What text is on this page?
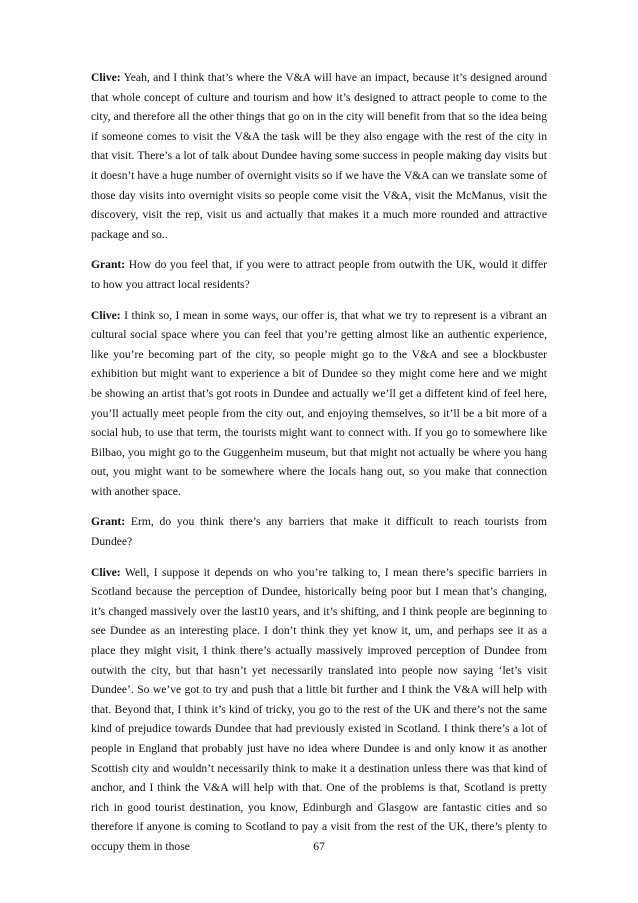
Clive: Yeah, and I think that’s where the V&A will have an impact, because it’s designed around that whole concept of culture and tourism and how it’s designed to attract people to come to the city, and therefore all the other things that go on in the city will benefit from that so the idea being if someone comes to visit the V&A the task will be they also engage with the rest of the city in that visit. There’s a lot of talk about Dundee having some success in people making day visits but it doesn’t have a huge number of overnight visits so if we have the V&A can we translate some of those day visits into overnight visits so people come visit the V&A, visit the McManus, visit the discovery, visit the rep, visit us and actually that makes it a much more rounded and attractive package and so..

Grant: How do you feel that, if you were to attract people from outwith the UK, would it differ to how you attract local residents?

Clive: I think so, I mean in some ways, our offer is, that what we try to represent is a vibrant an cultural social space where you can feel that you’re getting almost like an authentic experience, like you’re becoming part of the city, so people might go to the V&A and see a blockbuster exhibition but might want to experience a bit of Dundee so they might come here and we might be showing an artist that’s got roots in Dundee and actually we’ll get a diffetent kind of feel here, you’ll actually meet people from the city out, and enjoying themselves, so it’ll be a bit more of a social hub, to use that term, the tourists might want to connect with. If you go to somewhere like Bilbao, you might go to the Guggenheim museum, but that might not actually be where you hang out, you might want to be somewhere where the locals hang out, so you make that connection with another space.

Grant: Erm, do you think there’s any barriers that make it difficult to reach tourists from Dundee?

Clive: Well, I suppose it depends on who you’re talking to, I mean there’s specific barriers in Scotland because the perception of Dundee, historically being poor but I mean that’s changing, it’s changed massively over the last10 years, and it’s shifting, and I think people are beginning to see Dundee as an interesting place. I don’t think they yet know it, um, and perhaps see it as a place they might visit, I think there’s actually massively improved perception of Dundee from outwith the city, but that hasn’t yet necessarily translated into people now saying ‘let’s visit Dundee’. So we’ve got to try and push that a little bit further and I think the V&A will help with that. Beyond that, I think it’s kind of tricky, you go to the rest of the UK and there’s not the same kind of prejudice towards Dundee that had previously existed in Scotland. I think there’s a lot of people in England that probably just have no idea where Dundee is and only know it as another Scottish city and wouldn’t necessarily think to make it a destination unless there was that kind of anchor, and I think the V&A will help with that. One of the problems is that, Scotland is pretty rich in good tourist destination, you know, Edinburgh and Glasgow are fantastic cities and so therefore if anyone is coming to Scotland to pay a visit from the rest of the UK, there’s plenty to occupy them in those	67
